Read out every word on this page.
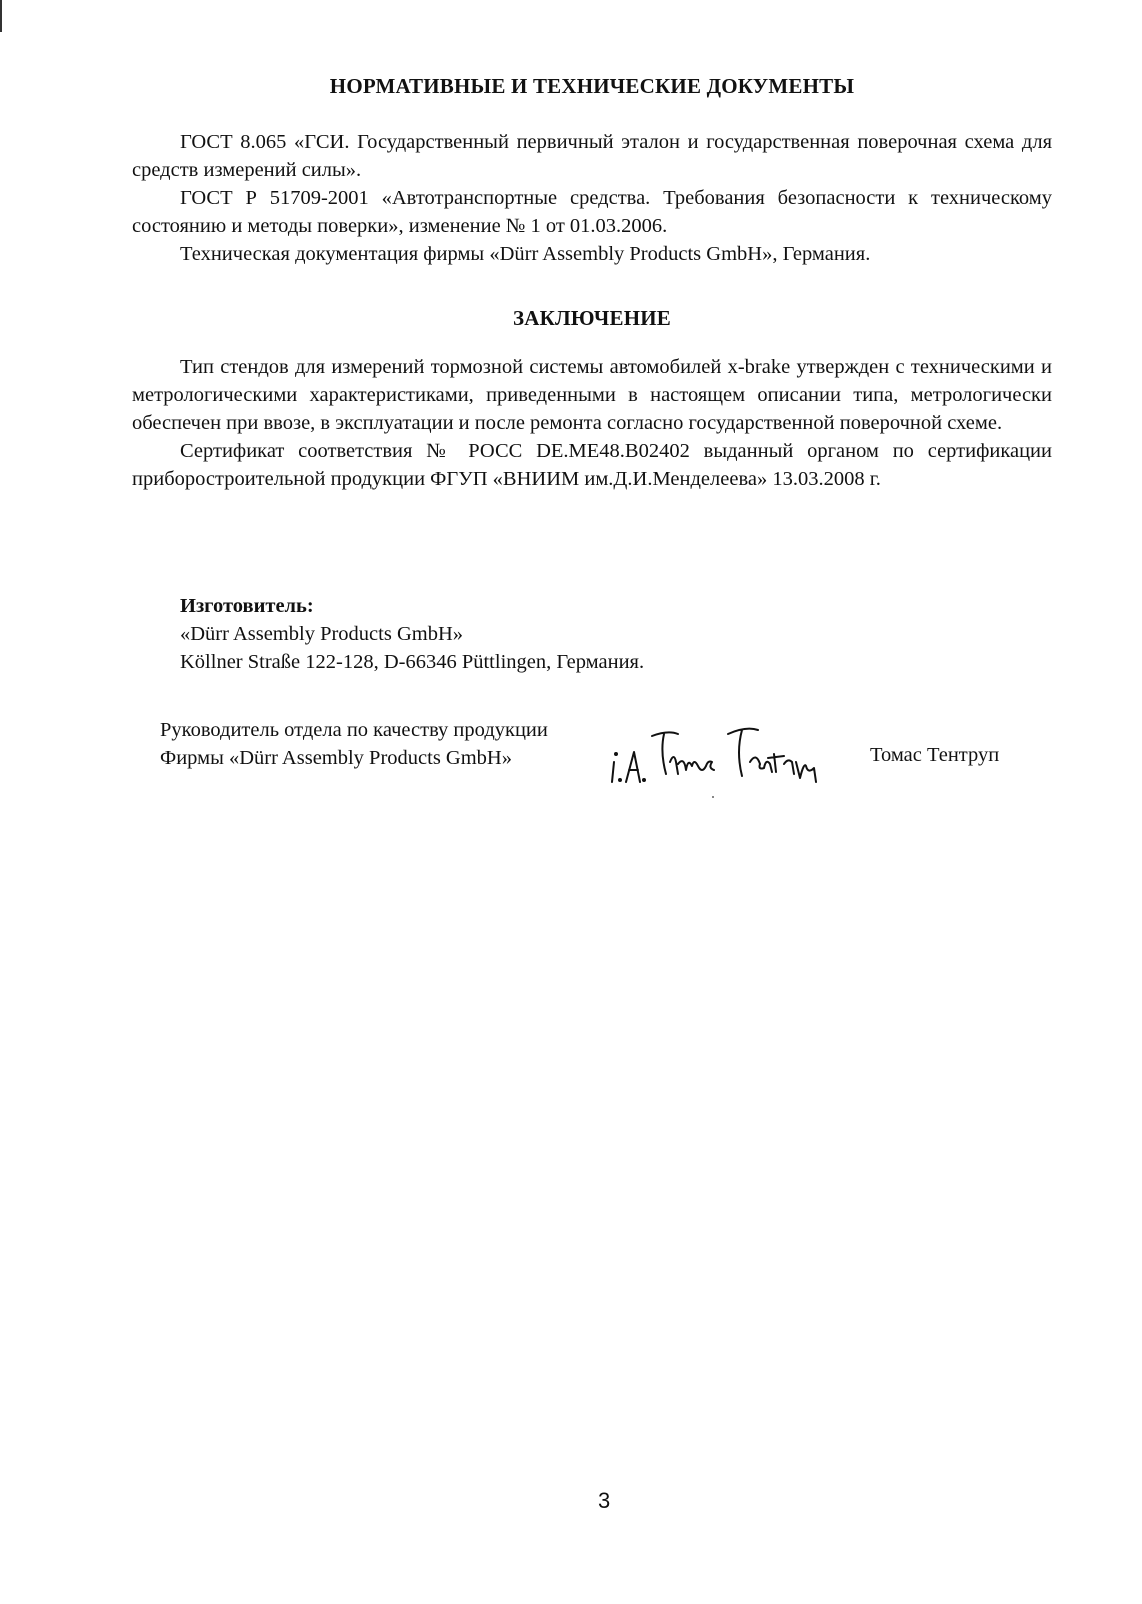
НОРМАТИВНЫЕ И ТЕХНИЧЕСКИЕ ДОКУМЕНТЫ

ГОСТ 8.065 «ГСИ. Государственный первичный эталон и государственная поверочная схема для средств измерений силы».

ГОСТ Р 51709-2001 «Автотранспортные средства. Требования безопасности к техническому состоянию и методы поверки», изменение № 1 от 01.03.2006.

Техническая документация фирмы «Dürr Assembly Products GmbH», Германия.

ЗАКЛЮЧЕНИЕ

Тип стендов для измерений тормозной системы автомобилей x-brake утвержден с техническими и метрологическими характеристиками, приведенными в настоящем описании типа, метрологически обеспечен при ввозе, в эксплуатации и после ремонта согласно государственной поверочной схеме.

Сертификат соответствия № РОСС DE.ME48.B02402 выданный органом по сертификации приборостроительной продукции ФГУП «ВНИИМ им.Д.И.Менделеева» 13.03.2008 г.

Изготовитель:
«Dürr Assembly Products GmbH»
Köllner Straße 122-128, D-66346 Püttlingen, Германия.
Руководитель отдела по качеству продукции
Фирмы «Dürr Assembly Products GmbH»	Томас Тентруп
3
